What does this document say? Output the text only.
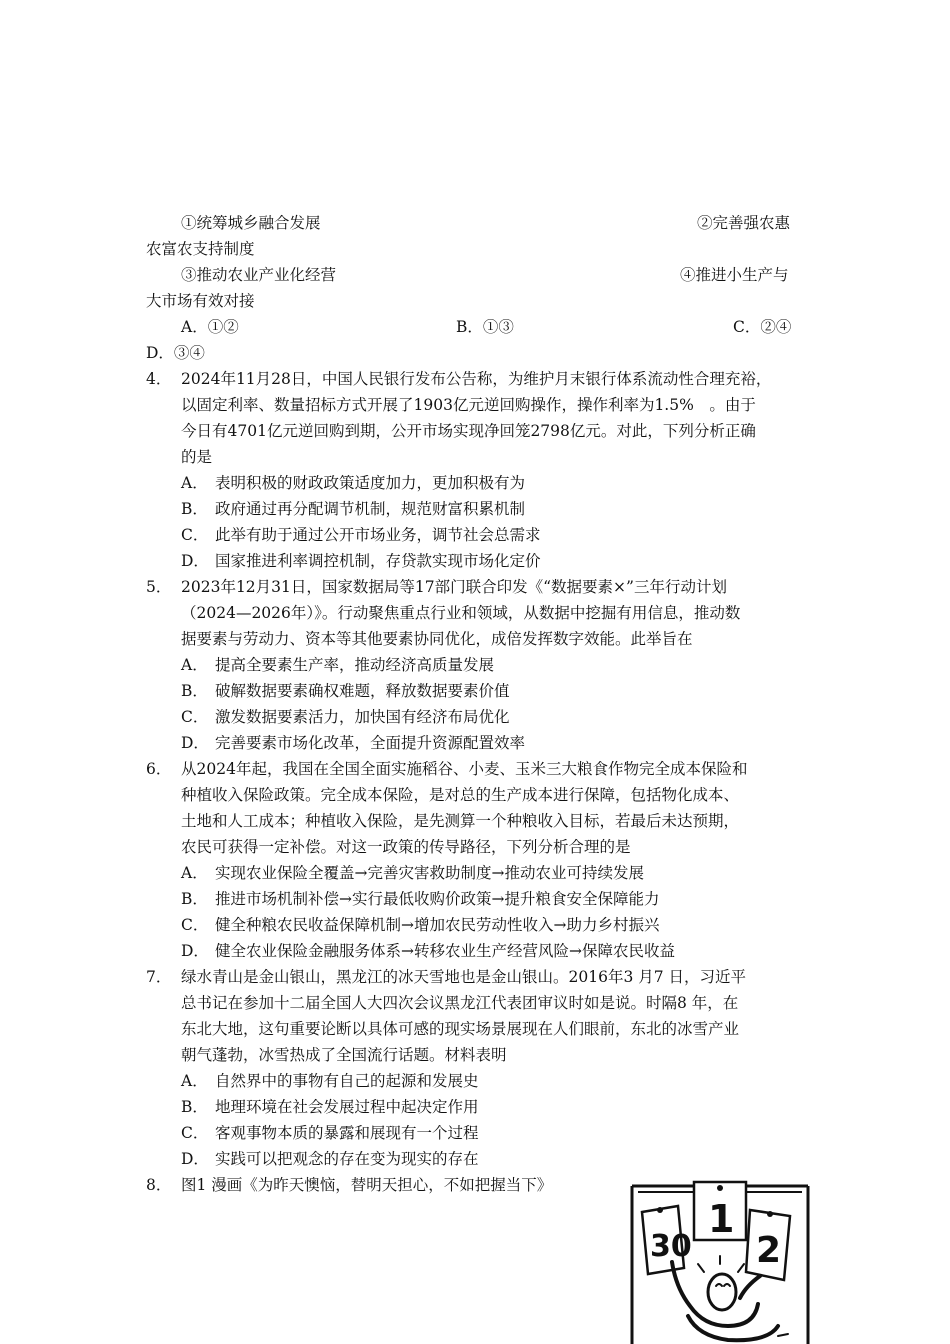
①统筹城乡融合发展	②完善强农惠
农富农支持制度
③推动农业产业化经营	④推进小生产与
大市场有效对接
A．①②	B．①③	C．②④
D．③④
4． 2024年11月28日，中国人民银行发布公告称，为维护月末银行体系流动性合理充裕，
以固定利率、数量招标方式开展了1903亿元逆回购操作，操作利率为1.5%　。由于
今日有4701亿元逆回购到期，公开市场实现净回笼2798亿元。对此，下列分析正确
的是
A． 表明积极的财政政策适度加力，更加积极有为
B． 政府通过再分配调节机制，规范财富积累机制
C． 此举有助于通过公开市场业务，调节社会总需求
D． 国家推进利率调控机制，存贷款实现市场化定价
5． 2023年12月31日，国家数据局等17部门联合印发《“数据要素×”三年行动计划
（2024—2026年）》。行动聚焦重点行业和领域，从数据中挖掘有用信息，推动数
据要素与劳动力、资本等其他要素协同优化，成倍发挥数字效能。此举旨在
A． 提高全要素生产率，推动经济高质量发展
B． 破解数据要素确权难题，释放数据要素价值
C． 激发数据要素活力，加快国有经济布局优化
D． 完善要素市场化改革，全面提升资源配置效率
6． 从2024年起，我国在全国全面实施稻谷、小麦、玉米三大粮食作物完全成本保险和
种植收入保险政策。完全成本保险，是对总的生产成本进行保障，包括物化成本、
土地和人工成本；种植收入保险，是先测算一个种粮收入目标，若最后未达预期，
农民可获得一定补偿。对这一政策的传导路径，下列分析合理的是
A． 实现农业保险全覆盖→完善灾害救助制度→推动农业可持续发展
B． 推进市场机制补偿→实行最低收购价政策→提升粮食安全保障能力
C． 健全种粮农民收益保障机制→增加农民劳动性收入→助力乡村振兴
D． 健全农业保险金融服务体系→转移农业生产经营风险→保障农民收益
7． 绿水青山是金山银山，黑龙江的冰天雪地也是金山银山。2016年3 月7 日，习近平
总书记在参加十二届全国人大四次会议黑龙江代表团审议时如是说。时隔8 年，在
东北大地，这句重要论断以具体可感的现实场景展现在人们眼前，东北的冰雪产业
朝气蓬勃，冰雪热成了全国流行话题。材料表明
A． 自然界中的事物有自己的起源和发展史
B． 地理环境在社会发展过程中起决定作用
C． 客观事物本质的暴露和展现有一个过程
D． 实践可以把观念的存在变为现实的存在
8． 图1 漫画《为昨天懊恼，替明天担心，不如把握当下》
30
1
2
